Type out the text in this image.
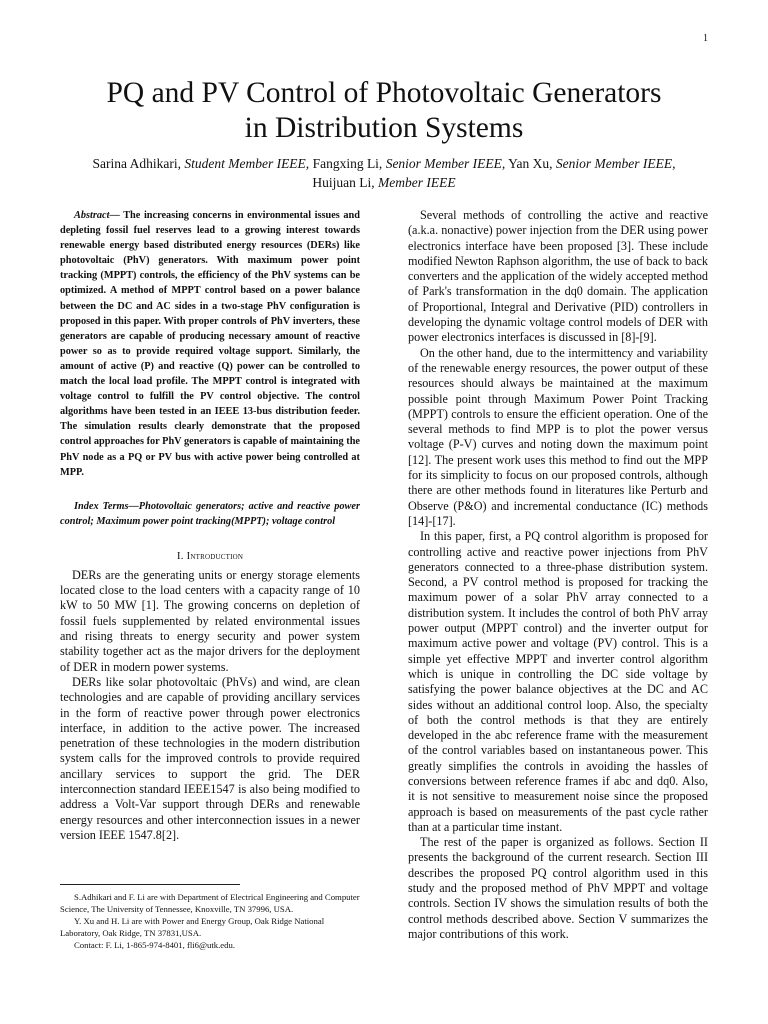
1
PQ and PV Control of Photovoltaic Generators
in Distribution Systems
Sarina Adhikari, Student Member IEEE, Fangxing Li, Senior Member IEEE, Yan Xu, Senior Member IEEE,
Huijuan Li, Member IEEE

Abstract— The increasing concerns in environmental issues and depleting fossil fuel reserves lead to a growing interest towards renewable energy based distributed energy resources (DERs) like photovoltaic (PhV) generators. With maximum power point tracking (MPPT) controls, the efficiency of the PhV systems can be optimized. A method of MPPT control based on a power balance between the DC and AC sides in a two-stage PhV configuration is proposed in this paper. With proper controls of PhV inverters, these generators are capable of producing necessary amount of reactive power so as to provide required voltage support. Similarly, the amount of active (P) and reactive (Q) power can be controlled to match the local load profile. The MPPT control is integrated with voltage control to fulfill the PV control objective. The control algorithms have been tested in an IEEE 13-bus distribution feeder. The simulation results clearly demonstrate that the proposed control approaches for PhV generators is capable of maintaining the PhV node as a PQ or PV bus with active power being controlled at MPP.

Index Terms—Photovoltaic generators; active and reactive power control; Maximum power point tracking(MPPT); voltage control

I. Introduction

DERs are the generating units or energy storage elements located close to the load centers with a capacity range of 10 kW to 50 MW [1]. The growing concerns on depletion of fossil fuels supplemented by related environmental issues and rising threats to energy security and power system stability together act as the major drivers for the deployment of DER in modern power systems.

DERs like solar photovoltaic (PhVs) and wind, are clean technologies and are capable of providing ancillary services in the form of reactive power through power electronics interface, in addition to the active power. The increased penetration of these technologies in the modern distribution system calls for the improved controls to provide required ancillary services to support the grid. The DER interconnection standard IEEE1547 is also being modified to address a Volt-Var support through DERs and renewable energy resources and other interconnection issues in a newer version IEEE 1547.8[2].

Several methods of controlling the active and reactive (a.k.a. nonactive) power injection from the DER using power electronics interface have been proposed [3]. These include modified Newton Raphson algorithm, the use of back to back converters and the application of the widely accepted method of Park's transformation in the dq0 domain. The application of Proportional, Integral and Derivative (PID) controllers in developing the dynamic voltage control models of DER with power electronics interfaces is discussed in [8]-[9].

On the other hand, due to the intermittency and variability of the renewable energy resources, the power output of these resources should always be maintained at the maximum possible point through Maximum Power Point Tracking (MPPT) controls to ensure the efficient operation. One of the several methods to find MPP is to plot the power versus voltage (P-V) curves and noting down the maximum point [12]. The present work uses this method to find out the MPP for its simplicity to focus on our proposed controls, although there are other methods found in literatures like Perturb and Observe (P&O) and incremental conductance (IC) methods [14]-[17].

In this paper, first, a PQ control algorithm is proposed for controlling active and reactive power injections from PhV generators connected to a three-phase distribution system. Second, a PV control method is proposed for tracking the maximum power of a solar PhV array connected to a distribution system. It includes the control of both PhV array power output (MPPT control) and the inverter output for maximum active power and voltage (PV) control. This is a simple yet effective MPPT and inverter control algorithm which is unique in controlling the DC side voltage by satisfying the power balance objectives at the DC and AC sides without an additional control loop. Also, the specialty of both the control methods is that they are entirely developed in the abc reference frame with the measurement of the control variables based on instantaneous power. This greatly simplifies the controls in avoiding the hassles of conversions between reference frames if abc and dq0. Also, it is not sensitive to measurement noise since the proposed approach is based on measurements of the past cycle rather than at a particular time instant.

The rest of the paper is organized as follows. Section II presents the background of the current research. Section III describes the proposed PQ control algorithm used in this study and the proposed method of PhV MPPT and voltage controls. Section IV shows the simulation results of both the control methods described above. Section V summarizes the major contributions of this work.

S.Adhikari and F. Li are with Department of Electrical Engineering and Computer Science, The University of Tennessee, Knoxville, TN 37996, USA.

Y. Xu and H. Li are with Power and Energy Group, Oak Ridge National Laboratory, Oak Ridge, TN 37831,USA.

Contact: F. Li, 1-865-974-8401, fli6@utk.edu.
